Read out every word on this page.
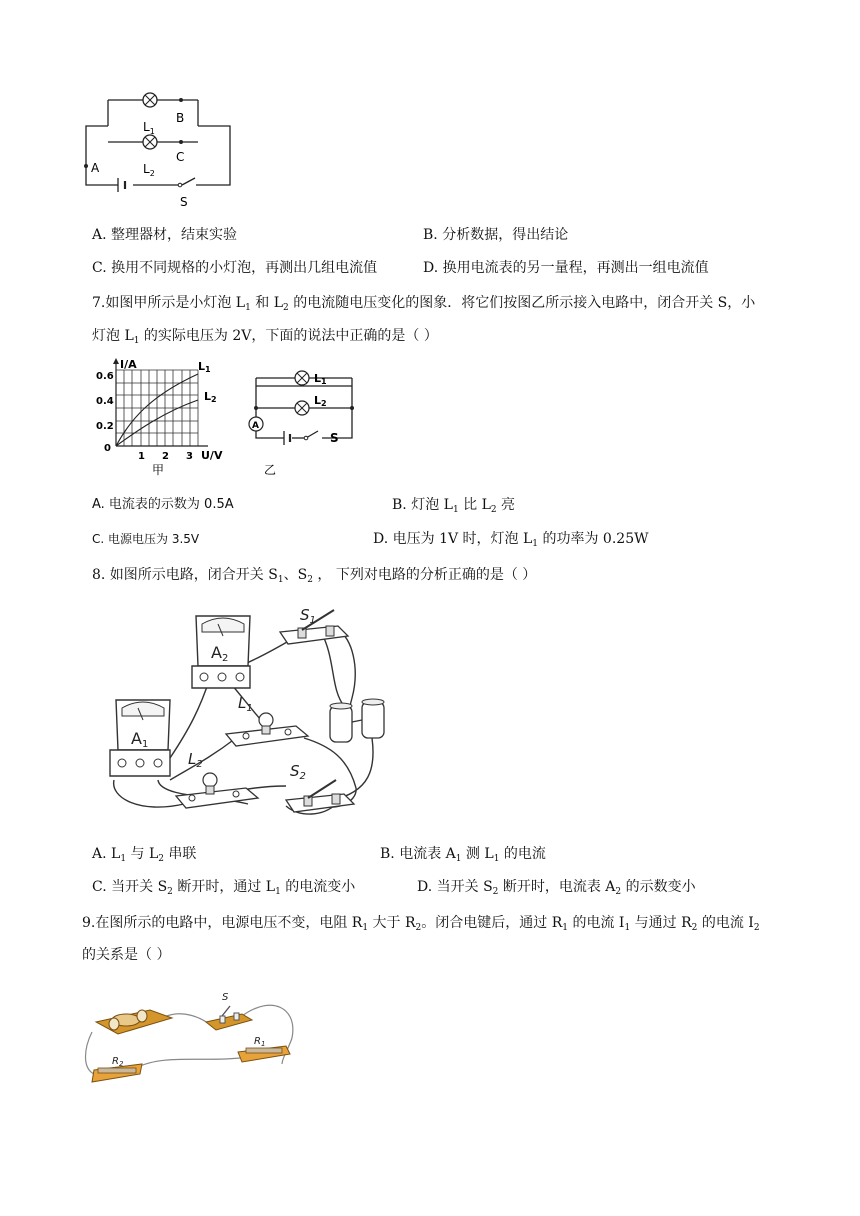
B
C
A
$L_1$
$L_2$
S
A. 整理器材，结束实验	B. 分析数据，得出结论
C. 换用不同规格的小灯泡，再测出几组电流值	D. 换用电流表的另一量程，再测出一组电流值
7.如图甲所示是小灯泡 $L_1$ 和 $L_2$ 的电流随电压变化的图象．将它们按图乙所示接入电路中，闭合开关 S，小
灯泡 $L_1$ 的实际电压为 2V，下面的说法中正确的是（ ）
I/A
0.6
0.4
0.2
0
1 2 3 U/V
L1
L2
甲
A
L1
L2
S
乙
A. 电流表的示数为 0.5A	B. 灯泡 $L_1$ 比 $L_2$ 亮
C. 电源电压为 3.5V	D. 电压为 1V 时，灯泡 $L_1$ 的功率为 0.25W
8. 如图所示电路，闭合开关 $S_1$、$S_2$ ， 下列对电路的分析正确的是（ ）
A2
A1
$S_1$
$L_1$
$L_2$	$S_2$
A. $L_1$ 与 $L_2$ 串联	B. 电流表 $A_1$ 测 $L_1$ 的电流
C. 当开关 $S_2$ 断开时，通过 $L_1$ 的电流变小	D. 当开关 $S_2$ 断开时，电流表 $A_2$ 的示数变小
9.在图所示的电路中，电源电压不变，电阻 $R_1$ 大于 $R_2$。闭合电键后，通过 $R_1$ 的电流 $I_1$ 与通过 $R_2$ 的电流 $I_2$
的关系是（ ）
S
$R_1$
$R_2$
